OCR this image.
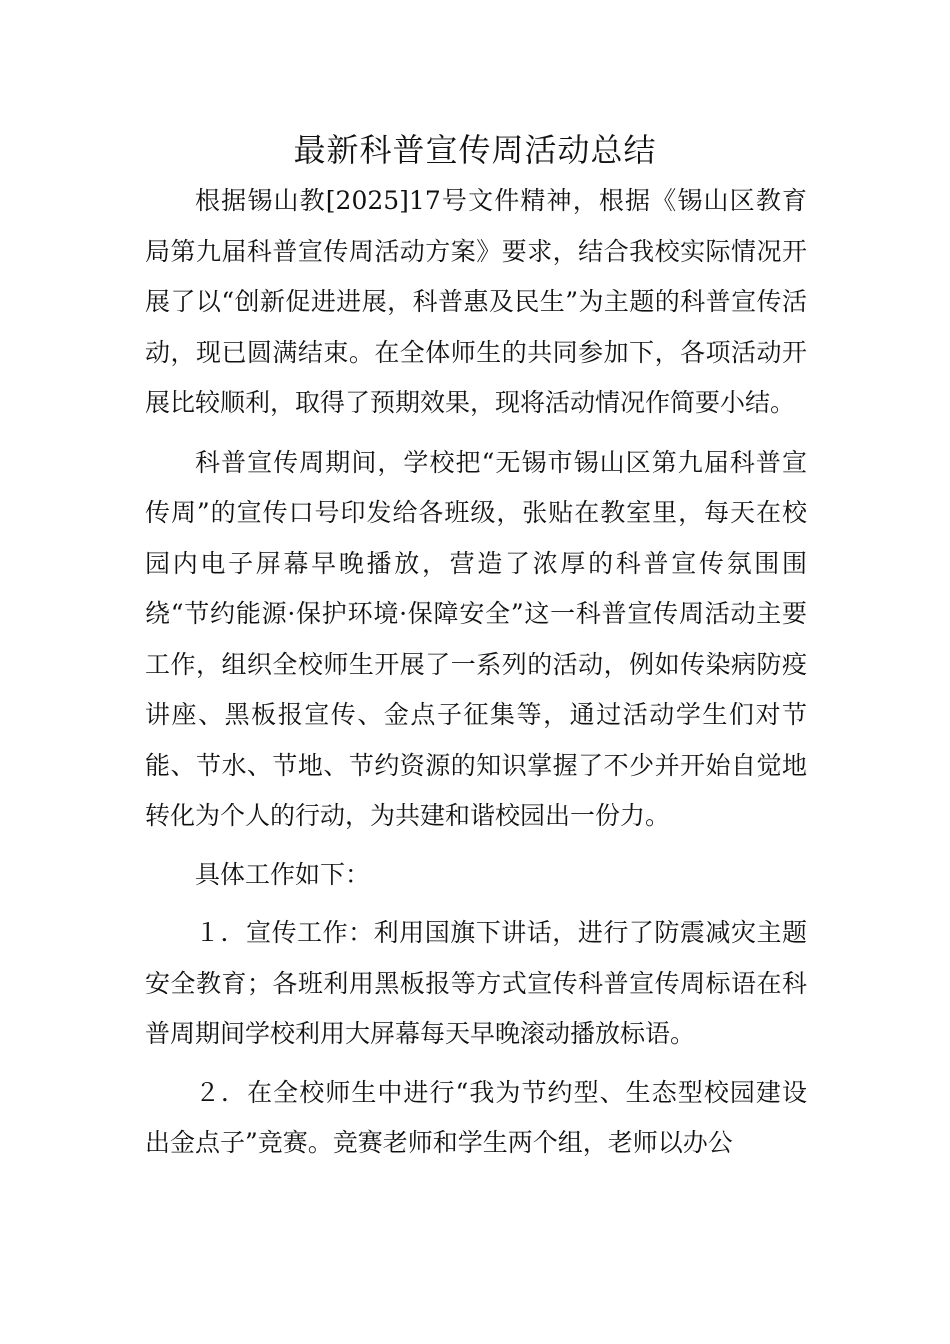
最新科普宣传周活动总结

根据锡山教[2025]17号文件精神，根据《锡山区教育局第九届科普宣传周活动方案》要求，结合我校实际情况开展了以“创新促进进展，科普惠及民生”为主题的科普宣传活动，现已圆满结束。在全体师生的共同参加下，各项活动开展比较顺利，取得了预期效果，现将活动情况作简要小结。

科普宣传周期间，学校把“无锡市锡山区第九届科普宣传周”的宣传口号印发给各班级，张贴在教室里，每天在校园内电子屏幕早晚播放，营造了浓厚的科普宣传氛围围绕“节约能源·保护环境·保障安全”这一科普宣传周活动主要工作，组织全校师生开展了一系列的活动，例如传染病防疫讲座、黑板报宣传、金点子征集等，通过活动学生们对节能、节水、节地、节约资源的知识掌握了不少并开始自觉地转化为个人的行动，为共建和谐校园出一份力。

具体工作如下：

１．宣传工作：利用国旗下讲话，进行了防震减灾主题安全教育；各班利用黑板报等方式宣传科普宣传周标语在科普周期间学校利用大屏幕每天早晚滚动播放标语。

２．在全校师生中进行“我为节约型、生态型校园建设出金点子”竞赛。竞赛老师和学生两个组，老师以办公
